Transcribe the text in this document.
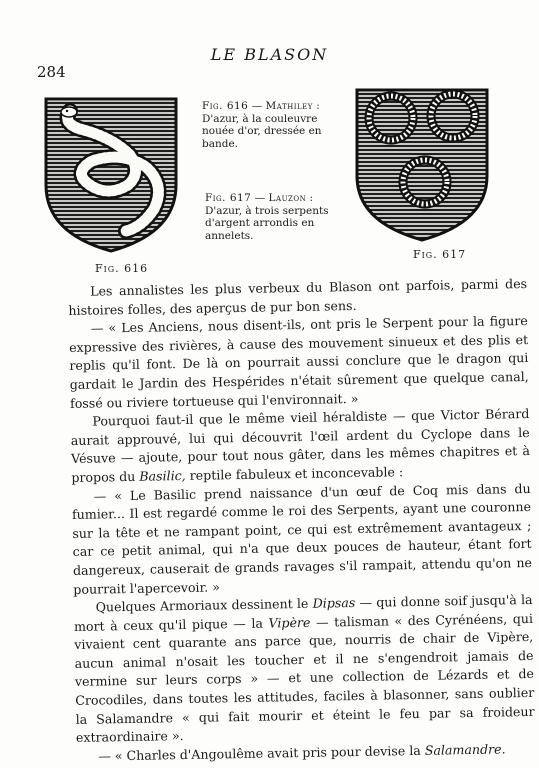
284
LE BLASON
Fig. 616
Fig. 616 — Mathiley : D'azur, à la couleuvre nouée d'or, dressée en bande.
Fig. 617 — Lauzon : D'azur, à trois serpents d'argent arrondis en annelets.
Fig. 617

Les annalistes les plus verbeux du Blason ont parfois, parmi des histoires folles, des aperçus de pur bon sens.

— « Les Anciens, nous disent-ils, ont pris le Serpent pour la figure expressive des rivières, à cause des mouvement sinueux et des plis et replis qu'il font. De là on pourrait aussi conclure que le dragon qui gardait le Jardin des Hespérides n'était sûrement que quelque canal, fossé ou riviere tortueuse qui l'environnait. »

Pourquoi faut-il que le même vieil héraldiste — que Victor Bérard aurait approuvé, lui qui découvrit l'œil ardent du Cyclope dans le Vésuve — ajoute, pour tout nous gâter, dans les mêmes chapitres et à propos du Basilic, reptile fabuleux et inconcevable :

— « Le Basilic prend naissance d'un œuf de Coq mis dans du fumier... Il est regardé comme le roi des Serpents, ayant une couronne sur la tête et ne rampant point, ce qui est extrêmement avantageux ; car ce petit animal, qui n'a que deux pouces de hauteur, étant fort dangereux, causerait de grands ravages s'il rampait, attendu qu'on ne pourrait l'apercevoir. »

Quelques Armoriaux dessinent le Dipsas — qui donne soif jusqu'à la mort à ceux qu'il pique — la Vipère — talisman « des Cyrénéens, qui vivaient cent quarante ans parce que, nourris de chair de Vipère, aucun animal n'osait les toucher et il ne s'engendroit jamais de vermine sur leurs corps » — et une collection de Lézards et de Crocodiles, dans toutes les attitudes, faciles à blasonner, sans oublier la Salamandre « qui fait mourir et éteint le feu par sa froideur extraordinaire ».

— « Charles d'Angoulême avait pris pour devise la Salamandre.
